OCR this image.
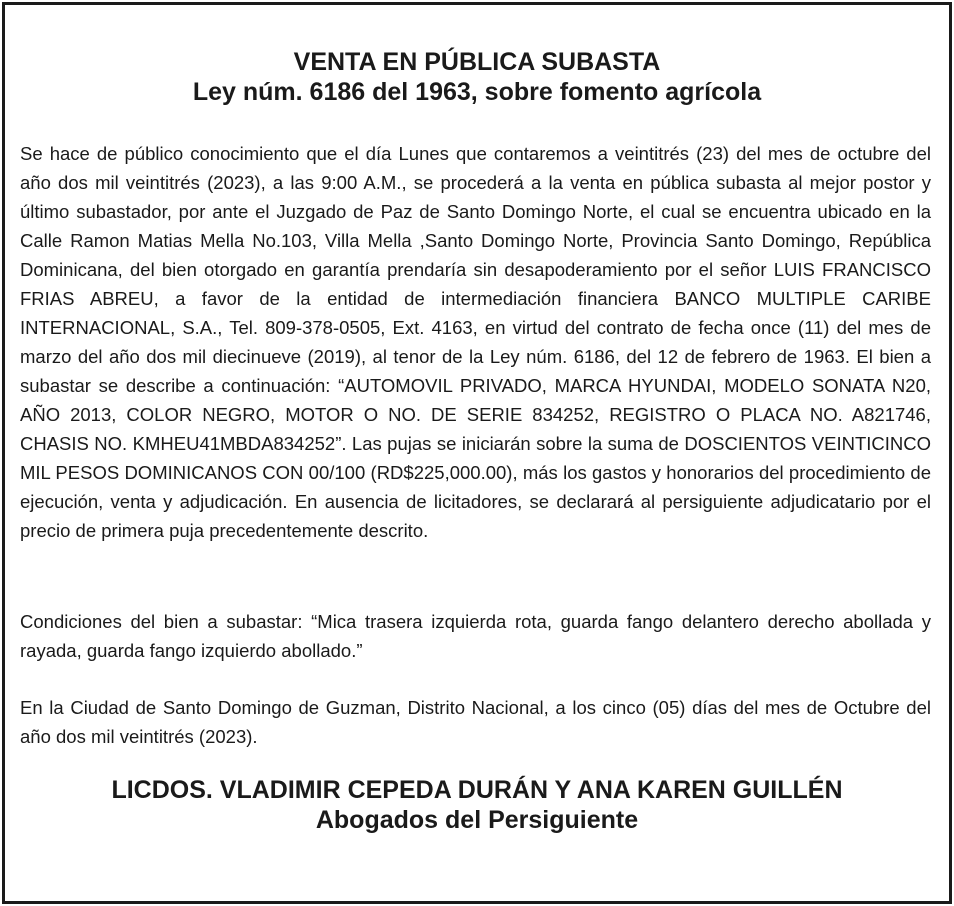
VENTA EN PÚBLICA SUBASTA
Ley núm. 6186 del 1963, sobre fomento agrícola

Se hace de público conocimiento que el día Lunes que contaremos a veintitrés (23) del mes de octubre del año dos mil veintitrés (2023), a las 9:00 A.M., se procederá a la venta en pública subasta al mejor postor y último subastador, por ante el Juzgado de Paz de Santo Domingo Norte, el cual se encuentra ubicado en la Calle Ramon Matias Mella No.103, Villa Mella ,Santo Domingo Norte, Provincia Santo Domingo, República Dominicana, del bien otorgado en garantía prendaría sin desapoderamiento por el señor LUIS FRANCISCO FRIAS ABREU, a favor de la entidad de intermediación financiera BANCO MULTIPLE CARIBE INTERNACIONAL, S.A., Tel. 809-378-0505, Ext. 4163, en virtud del contrato de fecha once (11) del mes de marzo del año dos mil diecinueve (2019), al tenor de la Ley núm. 6186, del 12 de febrero de 1963. El bien a subastar se describe a continuación: “AUTOMOVIL PRIVADO, MARCA HYUNDAI, MODELO SONATA N20, AÑO 2013, COLOR NEGRO, MOTOR O NO. DE SERIE 834252, REGISTRO O PLACA NO. A821746, CHASIS NO. KMHEU41MBDA834252”. Las pujas se iniciarán sobre la suma de DOSCIENTOS VEINTICINCO MIL PESOS DOMINICANOS CON 00/100 (RD$225,000.00), más los gastos y honorarios del procedimiento de ejecución, venta y adjudicación. En ausencia de licitadores, se declarará al persiguiente adjudicatario por el precio de primera puja precedentemente descrito.

Condiciones del bien a subastar: “Mica trasera izquierda rota, guarda fango delantero derecho abollada y rayada, guarda fango izquierdo abollado.”

En la Ciudad de Santo Domingo de Guzman, Distrito Nacional, a los cinco (05) días del mes de Octubre del año dos mil veintitrés (2023).

LICDOS. VLADIMIR CEPEDA DURÁN Y ANA KAREN GUILLÉN
Abogados del Persiguiente
